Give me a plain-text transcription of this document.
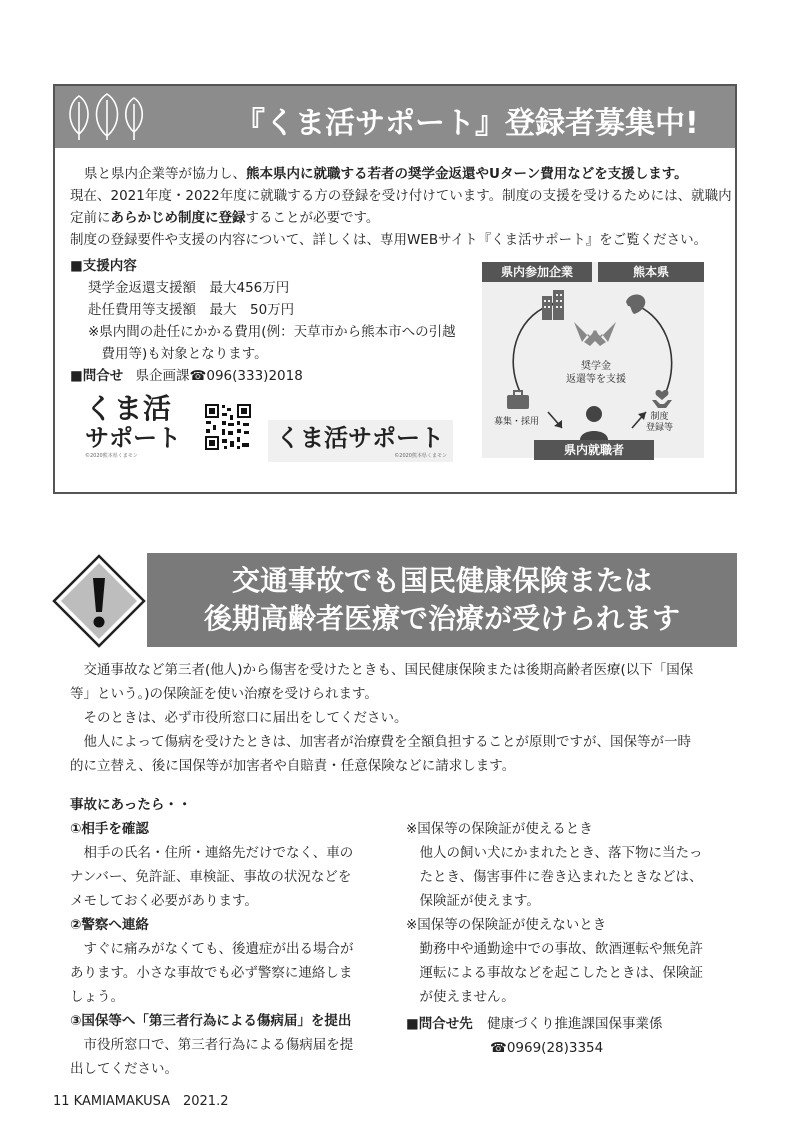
『くま活サポート』登録者募集中!
県と県内企業等が協力し、熊本県内に就職する若者の奨学金返還やUターン費用などを支援します。
現在、2021年度・2022年度に就職する方の登録を受け付けています。制度の支援を受けるためには、就職内
定前にあらかじめ制度に登録することが必要です。
制度の登録要件や支援の内容について、詳しくは、専用WEBサイト『くま活サポート』をご覧ください。
■支援内容
奨学金返還支援額　最大456万円
赴任費用等支援額　最大　50万円
※県内間の赴任にかかる費用(例：天草市から熊本市への引越
　費用等)も対象となります。
■問合せ 県企画課☎096(333)2018
くま活
サポート
©2020熊本県くまモン
くま活サポート
©2020熊本県くまモン
県内参加企業	熊本県
奨学金
返還等を支援
募集・採用	制度
登録等
県内就職者
交通事故でも国民健康保険または
後期高齢者医療で治療が受けられます
　交通事故など第三者(他人)から傷害を受けたときも、国民健康保険または後期高齢者医療(以下「国保
等」という。)の保険証を使い治療を受けられます。
　そのときは、必ず市役所窓口に届出をしてください。
　他人によって傷病を受けたときは、加害者が治療費を全額負担することが原則ですが、国保等が一時
的に立替え、後に国保等が加害者や自賠責・任意保険などに請求します。
事故にあったら・・
①相手を確認
　相手の氏名・住所・連絡先だけでなく、車の
ナンバー、免許証、車検証、事故の状況などを
メモしておく必要があります。
②警察へ連絡
　すぐに痛みがなくても、後遺症が出る場合が
あります。小さな事故でも必ず警察に連絡しま
しょう。
③国保等へ「第三者行為による傷病届」を提出
　市役所窓口で、第三者行為による傷病届を提
出してください。
※国保等の保険証が使えるとき
　他人の飼い犬にかまれたとき、落下物に当たっ
　たとき、傷害事件に巻き込まれたときなどは、
　保険証が使えます。
※国保等の保険証が使えないとき
　勤務中や通勤途中での事故、飲酒運転や無免許
　運転による事故などを起こしたときは、保険証
　が使えません。
■問合せ先 健康づくり推進課国保事業係
☎0969(28)3354
11 KAMIAMAKUSA　2021.2
